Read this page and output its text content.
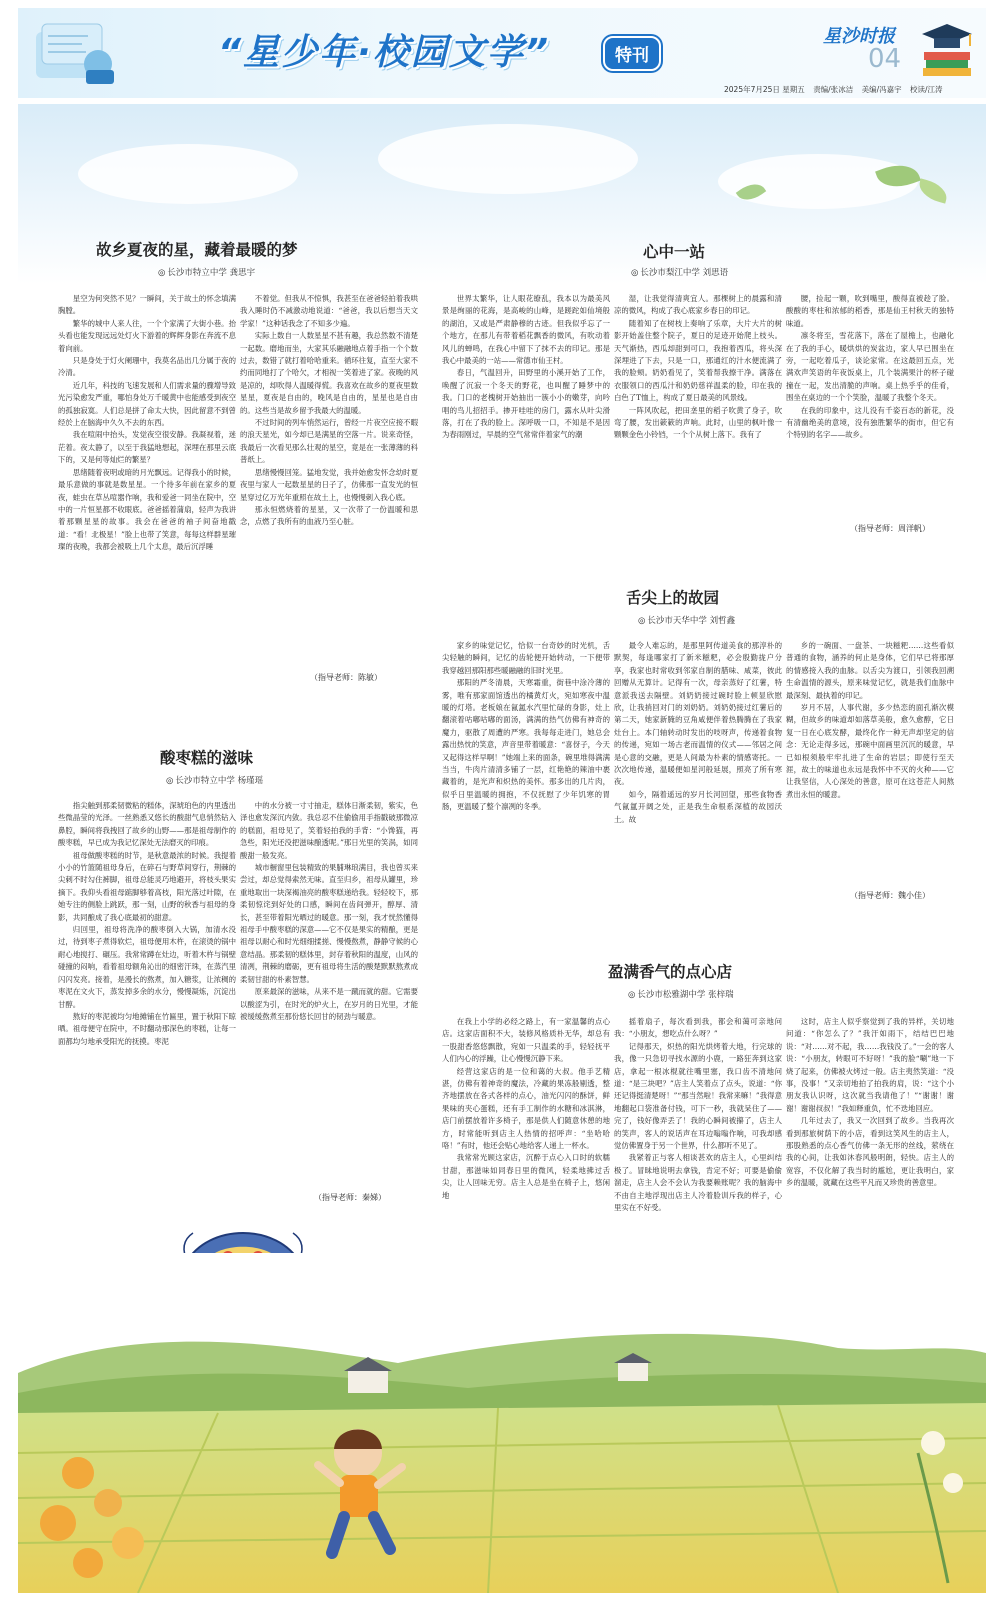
“星少年·校园文学”	特刊
星沙时报
04
2025年7月25日 星期五 责编/张冰洁 美编/冯嘉宇 校读/江涛
故乡夏夜的星，藏着最暖的梦
◎ 长沙市特立中学 龚思宇

星空为何突然不见？一瞬间，关于故土的怀念填满胸膛。

繁华的城中人来人往，一个个家满了大街小巷。抬头看也能发现远远处灯火下游着的辉辉身影在奔流不息着向前。

只是身处于灯火阑珊中，我莫名品出几分属于夜的冷清。

近几年，科技的飞速发展和人们需求量的骤增导致光污染愈发严重，哪怕身处万千暖黄中也能感受到夜空的孤独寂寞。人们总是拼了命太大快，因此留意不到曾经於上在脑海中久久不去的东西。

我在喧闹中抬头，发觉夜空很安静。我凝视着，迷茫着。夜太静了，以至于我猛地想起，深埋在那里云底下的，又是何等灿烂的繁星？

思绪随着夜明或暗的月光飘远。记得我小的时候，最乐意做的事就是数星星。一个待多年前在家乡的夏夜，蛙虫在草丛喧嚣作响，我和爱爸一同坐在院中，空中的一片恒星都不收眼底。爸爸摇着蒲扇，轻声为我讲着那颗星星的故事。我会在爸爸的袖子间奋地戳道：“看！北极星！”脸上也带了笑意，每每这样群星璀璨的夜晚，我都会被吸上几个太息，最后沉浮睡

不着觉。但我从不惊惧，我甚至在爸爸轻拍着我哄我入睡时仍不减激动地说道：“爸爸，我以后想当天文学家！”这种话我念了不知多少遍。

实际上数自一人数星星不甚有趣，我总然数不清楚一起数。磨地而坐，大家其乐融融地点着手指一个个数过去，数错了就打着哈哈重来。循环往复，直至大家不约而同地打了个哈欠，才相视一笑着进了家。夜晚的风是凉的，却吹得人温暖得慌。我喜欢在故乡的夏夜里数星星，夏夜是自由的，晚风是自由的，星星也是自由的。这些当是故乡留予我最大的温暖。

不过时间的列车悄然运行，曾经一片夜空应接不暇的浪天星光，如今却已是满星的空落一片。说来奇怪，我最后一次看见那么壮观的星空，竟是在一张薄薄的科普纸上。

思绪慢慢回笼。猛地发觉，我并始愈发怀念幼时夏夜里与家人一起数星星的日子了，仿佛那一直发光的恒星穿过亿万光年重照在故土上，也慢慢刺入我心底。

那永恒燃烧着的星星，又一次带了一份温暖和思念，点燃了我所有的血液乃至心脏。

（指导老师：陈敏）
心中一站
◎ 长沙市梨江中学 刘思语

世界太繁华，让人眼花缭乱，我本以为最美风景是绚丽的花海，是高峻的山峰，是蹉跎如仙境般的湖泊，又或是严肃静穆的古迹。但我似乎忘了一个地方，在那儿有带着稻花飘香的微风，有吹动着风儿的蝉鸣，在我心中留下了抹不去的印记。那是我心中最美的一站——常德市仙王村。

春日，气温回升，田野里的小溪开始了工作，唤醒了沉寂一个冬天的野花，也叫醒了睡梦中的我。门口的老槐树开始抽出一簇小小的嫩芽，向吟唱的鸟儿招招手。掺开哇哇的房门，露水从叶尖滑落，打在了我的脸上。深呼吸一口，不知是不是因为春雨刚过，早晨的空气常常伴着家气的潮

湿，让我觉得清爽宜人。那棵树上的晨露和清凉的微风，构成了我心底家乡春日的印记。

随着知了在树枝上奏响了乐章，大片大片的树影开始盖住整个院子，夏日的足迹开始爬上枝头。天气渐热，西瓜却甜到可口，我抱着西瓜，将头深深埋进了下去，只是一口，那通红的汁水便流满了我的脸颊。奶奶看见了，笑着帮我擦干净。满落在衣服领口的西瓜汁和奶奶慈祥温柔的脸，印在我的白色了T恤上，构成了夏日最美的风景线。

一阵风吹起，把田垄里的稻子吹黄了身子，吹弯了腰，发出簌簌的声响。此时，山里的枫叶像一颗颗金色小铃铛，一个个从树上落下。我有了

腰，捡起一颗，吹到嘴里，酸得直被趁了脸。酸酸的枣柱和浓郁的稻香，那是仙王村秋天的独特味道。

凛冬将至，雪花落下，落在了屋檐上，也融化在了我的手心，暖烘烘的炭盆边，家人早已围坐在旁，一起吃着瓜子，谈论家常。在这最回五点，光满欢声笑语的年夜饭桌上，几个装满果汁的杯子碰撞在一起，发出清脆的声响。桌上热乎乎的佳肴，围坐在桌边的一个个笑脸，温暖了我整个冬天。

在我的印象中，这儿没有千姿百态的新花，没有清幽绝美的意境，没有独胜繁华的街市，但它有个特别的名字——故乡。

（指导老师：周洋帆）
舌尖上的故园
◎ 长沙市天华中学 刘哲鑫

家乡的味觉记忆，恰似一台奇妙的时光机，舌尖轻触的瞬间，记忆的齿轮便开始转动，一下便带我穿越回那阳那些暖融融的旧时光里。

那阳的严冬清晨，天寒霜重，街巷中涂冷薄的雾，唯有那家面馆透出的橘黄灯火，宛如寒夜中温暖的灯塔。老板娘在氤氲水汽里忙碌的身影，灶上翻滚着咕嘟咕嘟的面汤，满满的热气仿佛有神奇的魔力，驱散了周遭的严寒。我每每走进门，她总会露出热忱的笑意，声音里带着暖意：“喜伢子，今天又起得这样早啊！”她端上来的面条，碗里堆得满满当当，牛肉片清清多铺了一层，红艳艳的辣油中裹藏着的，是光声和炽热的美怀。那多出的几片肉，似乎日里温暖的拥抱，不仅抚慰了少年饥寒的胃肠，更温暖了整个凛冽的冬季。

最令人难忘的，是那里阿传道美食的那淳朴的默契，每逢哪家打了新米糍粑，必会殷勤拢户分享，我家也时常收到邻家自制的腊味、咸菜，彼此回赠从无算计。记得有一次，母亲蒸好了红薯，特意派我送去隔壁。刘奶奶接过碗时脸上顿显欣慰欣，让我捎回对门的刘奶奶。刘奶奶接过红薯后的第二天，她家新腌的豆角咸便伴着热腾腾在了我家灶台上。本门轴转动时发出的吱呀声，传递着食物的传递，宛如一场古老而温情的仪式——邻居之间是心意的交融，更是人间最为朴素的情感寄托。一次次地传递，温暖便如星河般延展，照亮了所有寒夜。

如今，隔着遥远的岁月长河回望，那些食物香气氤氲开阔之处，正是我生命根系深植的故园沃土。故

乡的一碗面、一盘茶、一块糍粑……这些看似普通的食物，涵养的何止是身体，它们早已将那厚的情感接入我的血脉。以舌尖为渡口，引领我回溯生命温情的源头，原来味觉记忆，就是我们血脉中最深刻、最执着的印记。

岁月不居，人事代谢，多少热恋的面孔渐次模糊，但故乡的味道却如落草美般，愈久愈醇，它日复一日在心底发酵，最终化作一种无声却坚定的信念：无论走得多远，那碗中面画里沉沉的暖意，早已如根须般牢牢扎进了生命的岩层；即使行至天涯，故土的味道也永远是我怀中不灭的火种——它让我坚信，人心深处的善意，原可在这苍茫人间熬煮出永恒的暖意。

（指导老师：魏小佳）
酸枣糕的滋味
◎ 长沙市特立中学 杨瑾瑶

指尖触到那柔韧微粘的糕体，深琥珀色的内里透出些微晶莹的光泽。一丝熟悉又悠长的酸甜气息悄然钻入鼻腔，瞬间将我拽回了故乡的山野——那是祖母制作的酸枣糕，早已成为我记忆深处无法磨灭的印痕。

祖母做酸枣糕的时节，是秋意最浓的时候。我提着小小的竹篮随祖母身后，在碎石与野草间穿行，荆棘的尖刺不时勾住裤脚，祖母总能灵巧地避开，将枝头果实摘下。我仰头看祖母踮脚够着高枝，阳光落过叶隙，在她专注的侧脸上跳跃，那一刻，山野的秋香与祖母的身影，共同酿成了我心底最初的甜意。

归回里，祖母将洗净的酸枣倒入大锅，加清水没过，待到枣子煮得软烂，祖母便用木杵，在滚烫的锅中耐心地搅打、碾压。我常常蹲在灶边，听着木杵与锅壁碰撞的闷响，看着祖母额角沁出的细密汗珠，在蒸汽里闪闪发亮。接着，是漫长的熬煮，加入糖浆，让浓稠的枣泥在文火下，蒸发掉多余的水分，慢慢凝炼，沉淀出甘醇。

熬好的枣泥被均匀地摊铺在竹匾里，置于秋阳下晾晒。祖母便守在院中，不时翻动那深色的枣糕，让每一面都均匀地承受阳光的抚摸。枣泥

中的水分被一寸寸抽走，糕体日渐柔韧，紫实，色泽也愈发深沉内敛。我总忍不住偷偷用手指戳破那微凉的糕面，祖母见了，笑着轻拍我的手背：“小馋猫，再急些，阳光还没把滋味酿透呢。”那日光里的笑涡，如同酸甜一般发亮。

城市橱窗里包装精致的果脯琳琅满目，我也曾买来尝过，却总觉得索然无味。直至归乡，祖母从罐里，珍重地取出一块深褐油亮的酸枣糕递给我。轻轻咬下，那柔韧惊诧到好处的口感，瞬间在齿间弹开，醇厚、清长，甚至带着阳光晒过的暖意。那一刻，我才恍然懂得祖母手中酸枣糕的深意——它不仅是果实的精酿，更是祖母以耐心和时光细细揉搓、慢慢熬煮，静静守候的心意结晶。那柔韧的糕体里，封存着秋阳的温度，山风的清冽，荆棘的磨砺，更有祖母将生活的酸楚默默熬煮成柔韧甘甜的朴素智慧。

原来最深的滋味，从来不是一蹴而就的甜。它需要以酸涩为引，在时光的炉火上，在岁月的日光里，才能被缓缓熬煮至那份悠长回甘的韧劲与暖意。

（指导老师：秦娣）
盈满香气的点心店
◎ 长沙市松雅湖中学 张梓瑞

在我上小学的必经之路上，有一家温馨的点心店。这家店面积不大，装修风格质朴无华，却总有一股甜香悠悠飘散，宛如一只温柔的手，轻轻抚平人们内心的浮躁，让心慢慢沉静下来。

经营这家店的是一位和蔼的大叔。他手艺精湛，仿佛有着神奇的魔法，冷藏的果冻般剔透，整齐地摆放在各式各样的点心，油光闪闪的酥饼，鲜果味的夹心蛋糕，还有手工制作的水糖和冰淇淋，店门前摆放着许多椅子，那是供人们随意休憩的地方，时常能听到店主人热情的招呼声：“坐哈哈咯！”有时，他还会贴心地给客人递上一杯水。

我常常光顾这家店，沉醉于点心入口时的软糯甘甜，那滋味如同春日里的微风，轻柔地拂过舌尖，让人回味无穷。店主人总是坐在椅子上，悠闲地

摇着扇子，每次看到我，都会和蔼可亲地问我：“小朋友，想吃点什么呀？”

记得那天，炽热的阳光烘烤着大地，行完球的我，像一只急切寻找水源的小鹿，一路狂奔到这家店，拿起一根冰棍就往嘴里塞，我口齿不清地问道：“是三块吧？”店主人笑着点了点头，说道：“你还记得挺清楚呀！”“那当然啦！我常来嘛！”我得意地翻起口袋准备付钱，可下一秒，我就呆住了——完了，钱好像弄丢了！我的心瞬间被攥了，店主人的笑声，客人的说话声在耳边嗡嗡作响，可我却感觉仿佛置身于另一个世界，什么都听不见了。

我紧着正与客人相谈甚欢的店主人，心里纠结极了。冒昧地说明去拿钱，肯定不好；可要是偷偷溜走，店主人会不会认为我要赖账呢？我的脑海中不由自主地浮现出店主人冷着脸训斥我的样子，心里实在不好受。

这时，店主人似乎察觉到了我的异样，关切地问道：“你怎么了？”我汗如雨下，结结巴巴地说：“对……对不起，我……我钱没了。”一会的客人说：“小朋友，转眼可不好呀！”我的脸“唰”地一下烧了起来，仿佛被火烤过一般。店主夷然笑道：“没事，没事！”又亲切地拍了拍我的肩，说：“这个小朋友我认识呀，这次就当我请他了！”“谢谢！谢谢！谢谢叔叔！”我如释重负，忙不迭地回应。

几年过去了，我又一次回到了故乡。当我再次看到那旅树荫下的小店，看到这笑风生的店主人，那股熟悉的点心香气仿佛一条无形的丝线，萦绕在我的心间，让我如沐春风般明朗，轻快。店主人的宽容，不仅化解了我当时的尴尬，更让我明白，家乡的温暖，就藏在这些平凡而又珍贵的善意里。
